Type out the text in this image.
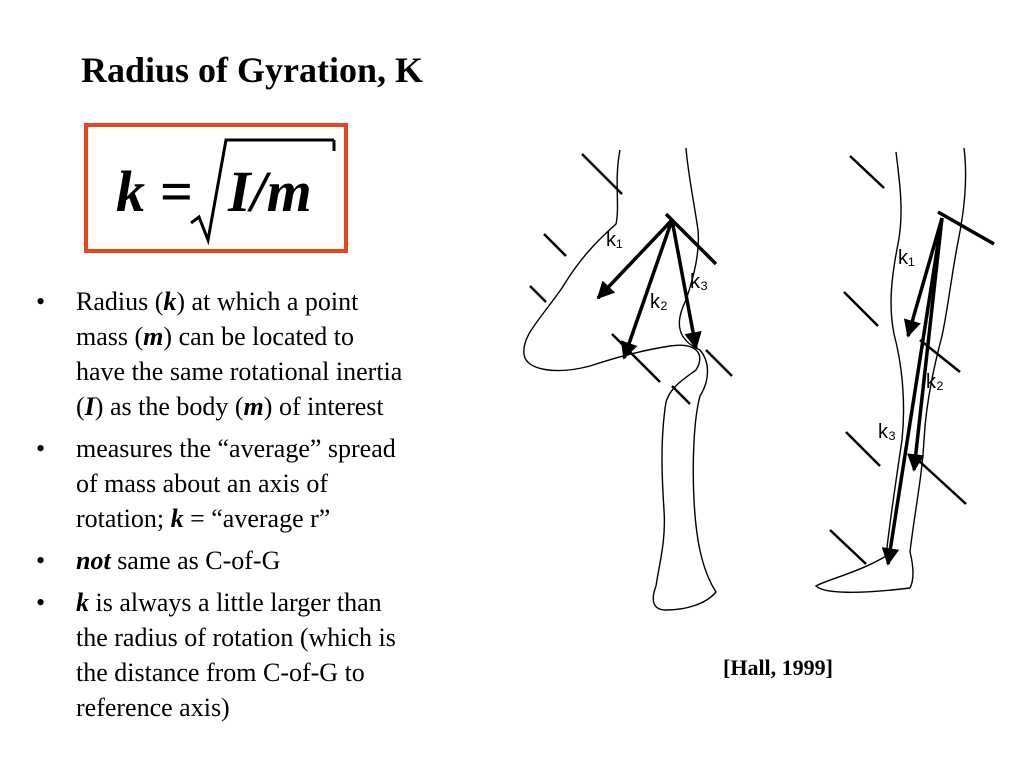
Radius of Gyration, K
k = I/m
• Radius (k) at which a point
mass (m) can be located to
have the same rotational inertia
(I) as the body (m) of interest
• measures the “average” spread
of mass about an axis of
rotation; k = “average r”
• not same as C-of-G
• k is always a little larger than
the radius of rotation (which is
the distance from C-of-G to
reference axis)
k₁
k₂
k₃
k₁
k₂
k₃
[Hall, 1999]
